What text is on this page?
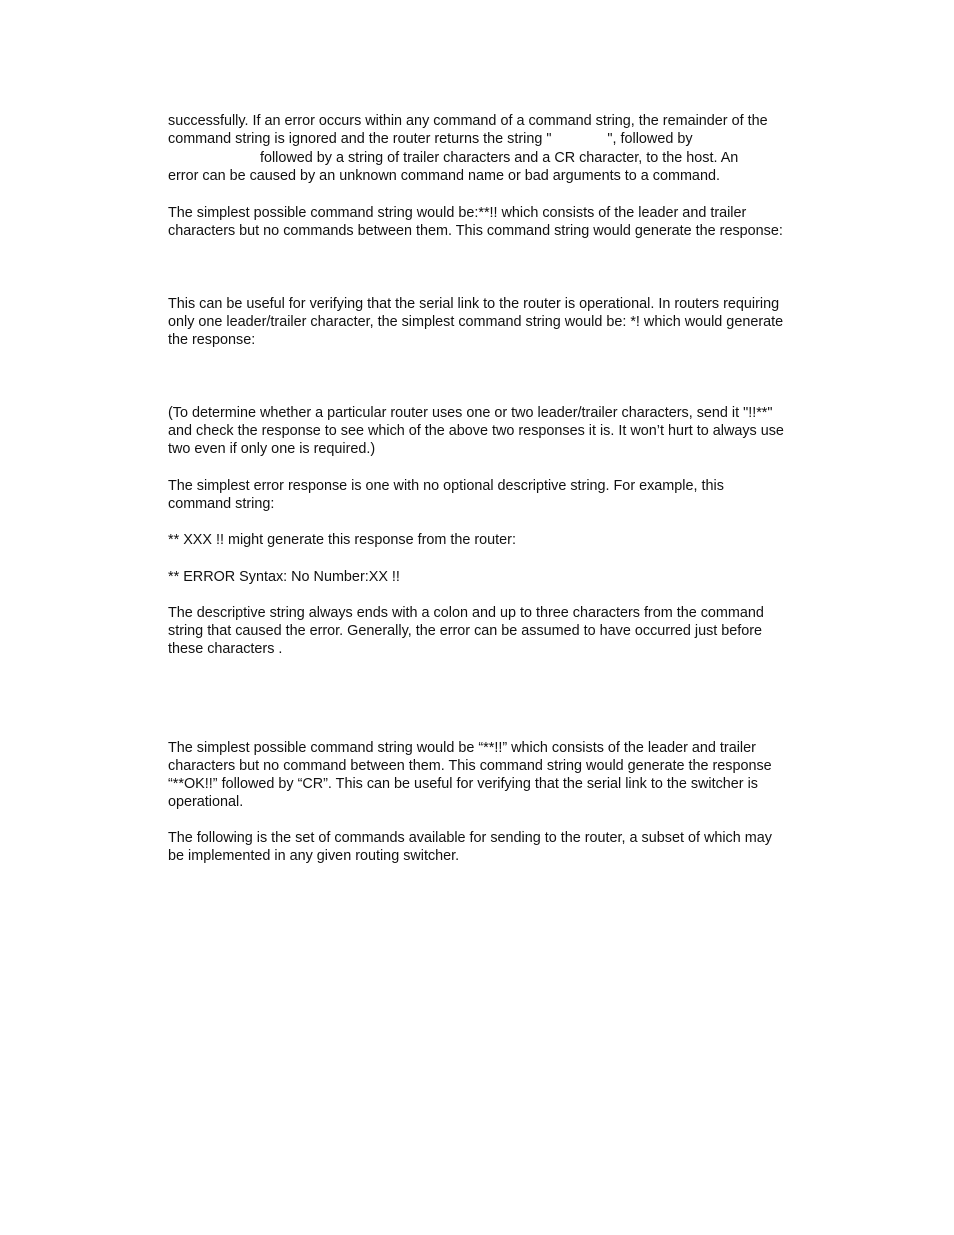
successfully. If an error occurs within any command of a command string, the remainder of the
command string is ignored and the router returns the string "              ", followed by
followed by a string of trailer characters and a CR character, to the host. An
error can be caused by an unknown command name or bad arguments to a command.
The simplest possible command string would be:**!! which consists of the leader and trailer
characters but no commands between them. This command string would generate the response:
This can be useful for verifying that the serial link to the router is operational. In routers requiring
only one leader/trailer character, the simplest command string would be: *! which would generate
the response:
(To determine whether a particular router uses one or two leader/trailer characters, send it "!!**"
and check the response to see which of the above two responses it is. It won’t hurt to always use
two even if only one is required.)
The simplest error response is one with no optional descriptive string. For example, this
command string:
** XXX !! might generate this response from the router:
** ERROR Syntax: No Number:XX !!
The descriptive string always ends with a colon and up to three characters from the command
string that caused the error. Generally, the error can be assumed to have occurred just before
these characters .
The simplest possible command string would be “**!!” which consists of the leader and trailer
characters but no command between them. This command string would generate the response
“**OK!!” followed by “CR”. This can be useful for verifying that the serial link to the switcher is
operational.
The following is the set of commands available for sending to the router, a subset of which may
be implemented in any given routing switcher.
